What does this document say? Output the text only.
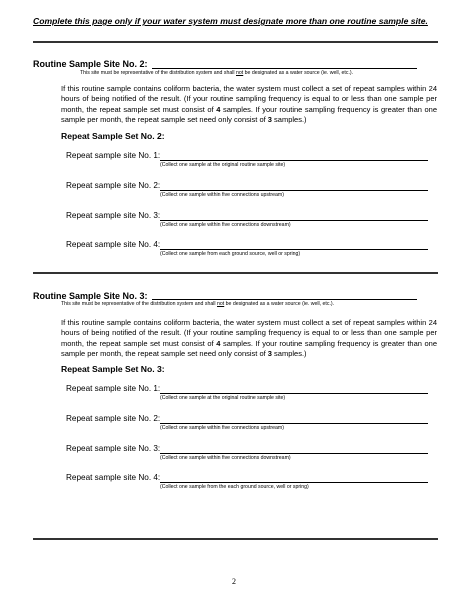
Complete this page only if your water system must designate more than one routine sample site.
Routine Sample Site No. 2:
This site must be representative of the distribution system and shall not be designated as a water source (ie. well, etc.).
If this routine sample contains coliform bacteria, the water system must collect a set of repeat samples within 24 hours of being notified of the result. (If your routine sampling frequency is equal to or less than one sample per month, the repeat sample set must consist of 4 samples. If your routine sampling frequency is greater than one sample per month, the repeat sample set need only consist of 3 samples.)
Repeat Sample Set No. 2:
Repeat sample site No. 1:
(Collect one sample at the original routine sample site)
Repeat sample site No. 2:
(Collect one sample within five connections upstream)
Repeat sample site No. 3:
(Collect one sample within five connections downstream)
Repeat sample site No. 4:
(Collect one sample from each ground source, well or spring)
Routine Sample Site No. 3:
This site must be representative of the distribution system and shall not be designated as a water source (ie. well, etc.).
If this routine sample contains coliform bacteria, the water system must collect a set of repeat samples within 24 hours of being notified of the result. (If your routine sampling frequency is equal to or less than one sample per month, the repeat sample set must consist of 4 samples. If your routine sampling frequency is greater than one sample per month, the repeat sample set need only consist of 3 samples.)
Repeat Sample Set No. 3:
Repeat sample site No. 1:
(Collect one sample at the original routine sample site)
Repeat sample site No. 2:
(Collect one sample within five connections upstream)
Repeat sample site No. 3:
(Collect one sample within five connections downstream)
Repeat sample site No. 4:
(Collect one sample from the each ground source, well or spring)
2
